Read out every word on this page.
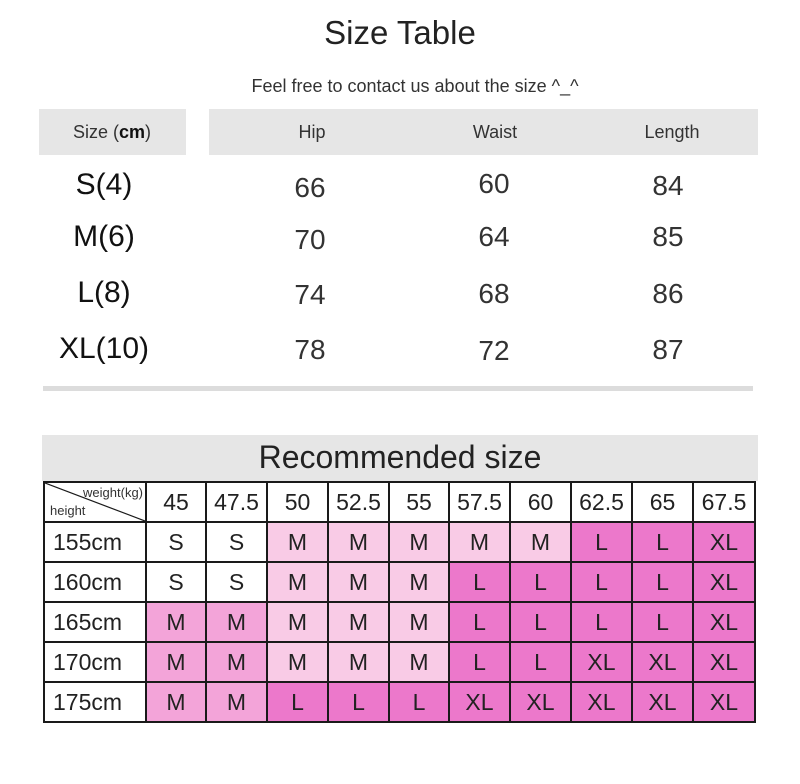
Size Table
Feel free to contact us about the size ^_^
Size (cm)	Hip	Waist	Length
S(4)	66	60	84
M(6)	70	64	85
L(8)	74	68	86
XL(10)	78	72	87
Recommended size
weight(kg)
height	45	47.5	50	52.5	55	57.5	60	62.5	65	67.5
155cm	S	S	M	M	M	M	M	L	L	XL
160cm	S	S	M	M	M	L	L	L	L	XL
165cm	M	M	M	M	M	L	L	L	L	XL
170cm	M	M	M	M	M	L	L	XL	XL	XL
175cm	M	M	L	L	L	XL	XL	XL	XL	XL
